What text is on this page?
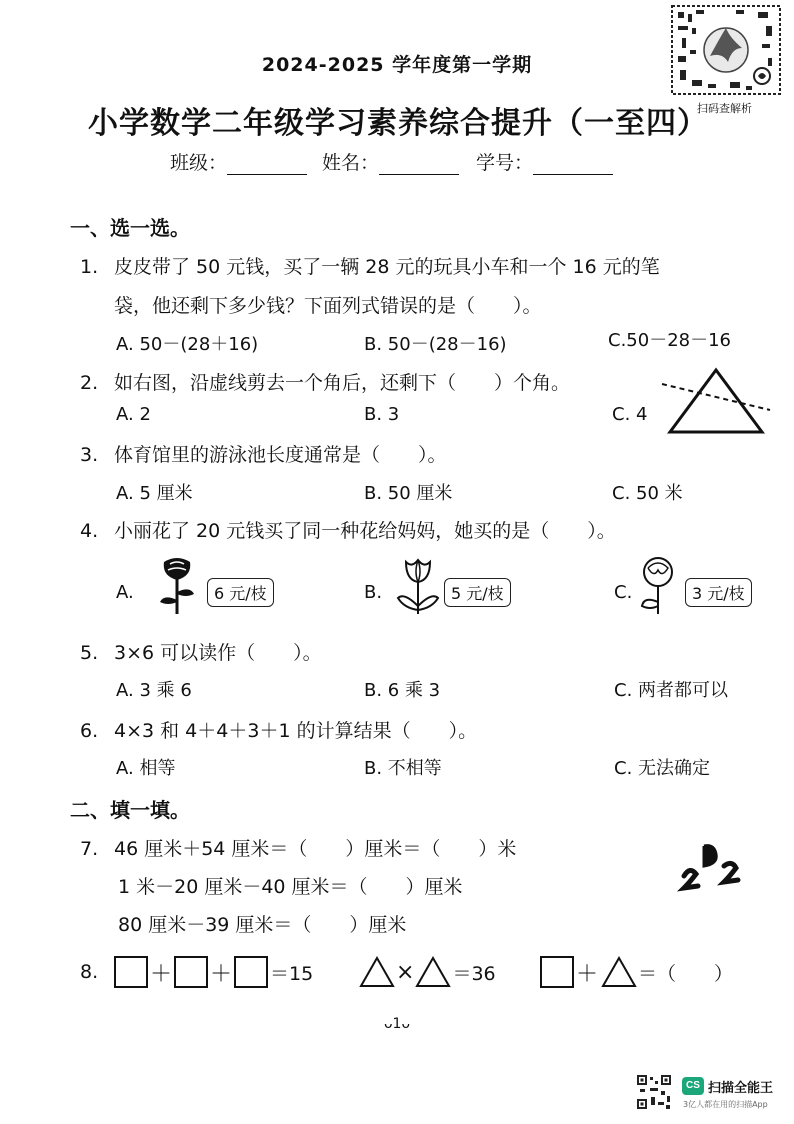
2024-2025 学年度第一学期
小学数学二年级学习素养综合提升（一至四）
扫码查解析
班级：	姓名：	学号：
一、选一选。
1. 皮皮带了 50 元钱，买了一辆 28 元的玩具小车和一个 16 元的笔
袋，他还剩下多少钱？下面列式错误的是（　　）。
A. 50－(28＋16)	B. 50－(28－16)	C.50－28－16
2. 如右图，沿虚线剪去一个角后，还剩下（　　）个角。
A. 2	B. 3	C. 4
3. 体育馆里的游泳池长度通常是（　　）。
A. 5 厘米	B. 50 厘米	C. 50 米
4. 小丽花了 20 元钱买了同一种花给妈妈，她买的是（　　）。
A.	6 元/枝	B.	5 元/枝	C.	3 元/枝
5. 3×6 可以读作（　　）。
A. 3 乘 6	B. 6 乘 3	C. 两者都可以
6. 4×3 和 4＋4＋3＋1 的计算结果（　　）。
A. 相等	B. 不相等	C. 无法确定
二、填一填。
7. 46 厘米＋54 厘米＝（　　）厘米＝（　　）米
1 米－20 厘米－40 厘米＝（　　）厘米
80 厘米－39 厘米＝（　　）厘米
8.	＋ ＋ ＝15	× ＝36	＋ ＝（　　）
ᴗ1ᴗ
CS 扫描全能王
3亿人都在用的扫描App
